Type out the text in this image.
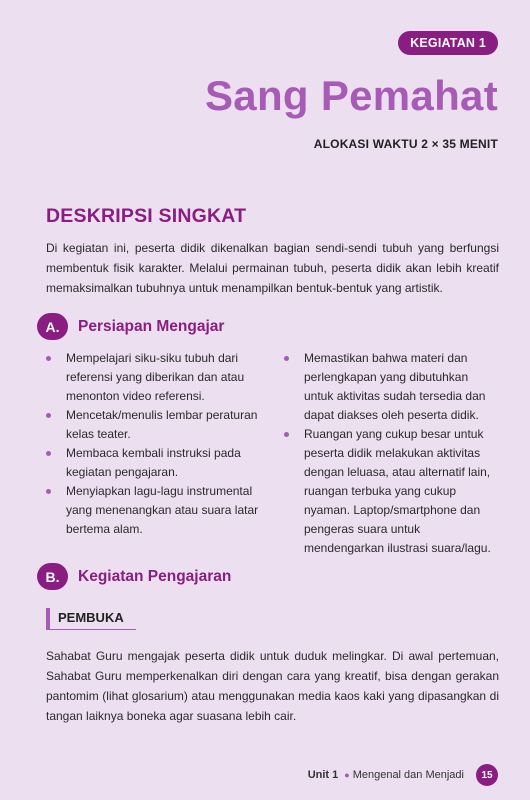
KEGIATAN 1
Sang Pemahat
ALOKASI WAKTU 2 × 35 MENIT
DESKRIPSI SINGKAT
Di kegiatan ini, peserta didik dikenalkan bagian sendi-sendi tubuh yang berfungsi membentuk fisik karakter. Melalui permainan tubuh, peserta didik akan lebih kreatif memaksimalkan tubuhnya untuk menampilkan bentuk-bentuk yang artistik.
A.	Persiapan Mengajar
Mempelajari siku-siku tubuh dari referensi yang diberikan dan atau menonton video referensi.
Mencetak/menulis lembar peraturan kelas teater.
Membaca kembali instruksi pada kegiatan pengajaran.
Menyiapkan lagu-lagu instrumental yang menenangkan atau suara latar bertema alam.
Memastikan bahwa materi dan perlengkapan yang dibutuhkan untuk aktivitas sudah tersedia dan dapat diakses oleh peserta didik.
Ruangan yang cukup besar untuk peserta didik melakukan aktivitas dengan leluasa, atau alternatif lain, ruangan terbuka yang cukup nyaman. Laptop/smartphone dan pengeras suara untuk mendengarkan ilustrasi suara/lagu.
B.	Kegiatan Pengajaran
PEMBUKA
Sahabat Guru mengajak peserta didik untuk duduk melingkar. Di awal pertemuan, Sahabat Guru memperkenalkan diri dengan cara yang kreatif, bisa dengan gerakan pantomim (lihat glosarium) atau menggunakan media kaos kaki yang dipasangkan di tangan laiknya boneka agar suasana lebih cair.
Unit 1 ● Mengenal dan Menjadi	15
